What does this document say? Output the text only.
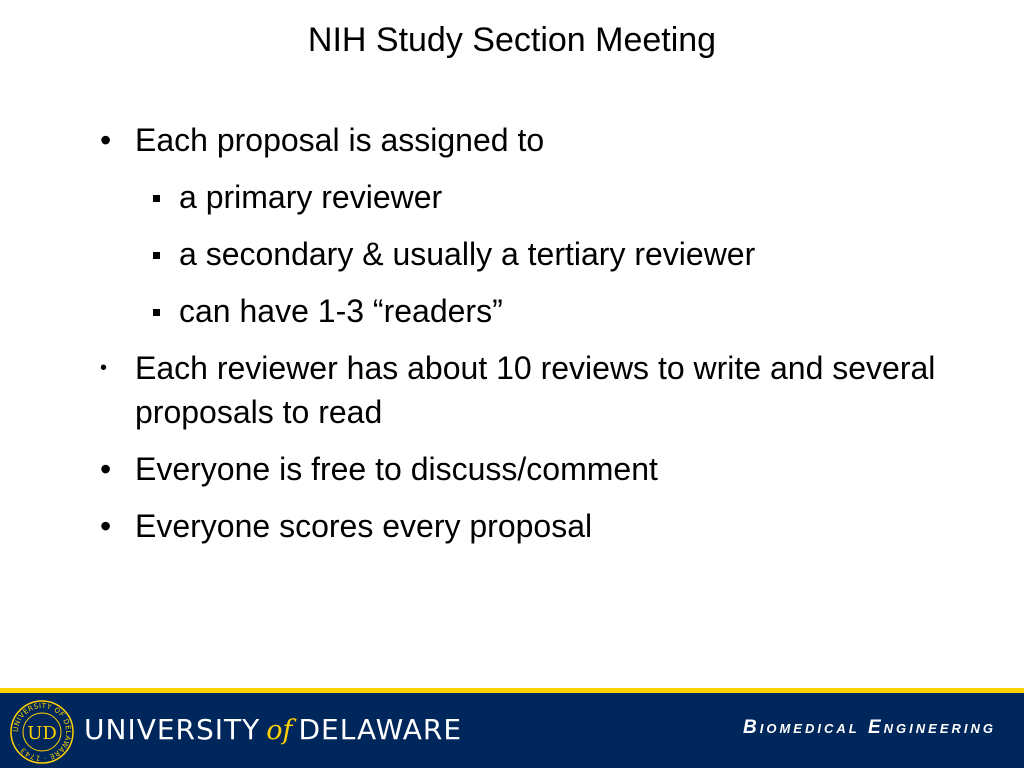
NIH Study Section Meeting
• Each proposal is assigned to
a primary reviewer
a secondary & usually a tertiary reviewer
can have 1-3 “readers”
• Each reviewer has about 10 reviews to write and several proposals to read
• Everyone is free to discuss/comment
• Everyone scores every proposal
UNIVERSITY OF DELAWARE · 1743 ·
UD UNIVERSITY of DELAWARE	Biomedical Engineering
